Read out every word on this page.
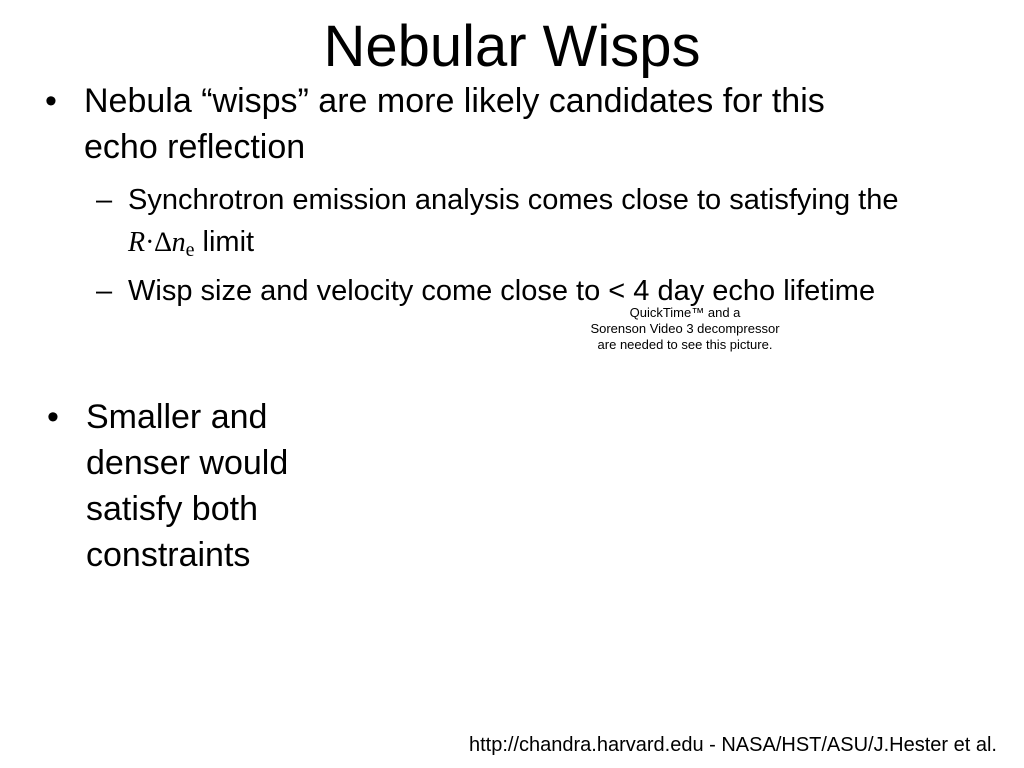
Nebular Wisps
• Nebula “wisps” are more likely candidates for this echo reflection
– Synchrotron emission analysis comes close to satisfying the $R\cdot\Delta n_e$ limit
– Wisp size and velocity come close to < 4 day echo lifetime
QuickTime™ and a
Sorenson Video 3 decompressor
are needed to see this picture.
• Smaller and denser would satisfy both constraints
http://chandra.harvard.edu - NASA/HST/ASU/J.Hester et al.
